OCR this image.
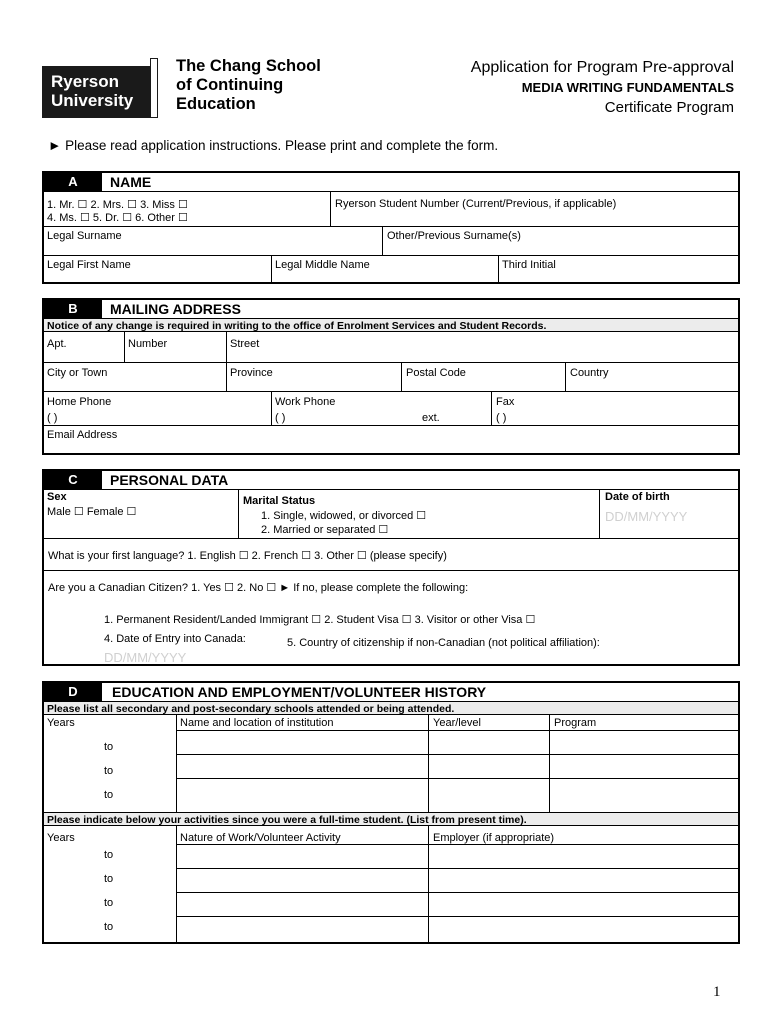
Ryerson
University
The Chang School
of Continuing
Education
Application for Program Pre-approval
MEDIA WRITING FUNDAMENTALS
Certificate Program
► Please read application instructions. Please print and complete the form.
A	NAME
1. Mr. ☐ 2. Mrs. ☐ 3. Miss ☐
4. Ms. ☐ 5. Dr. ☐ 6. Other ☐
Ryerson Student Number (Current/Previous, if applicable)
Legal Surname	Other/Previous Surname(s)
Legal First Name	Legal Middle Name	Third Initial
B	MAILING ADDRESS
Notice of any change is required in writing to the office of Enrolment Services and Student Records.
Apt.	Number	Street
City or Town	Province	Postal Code	Country
Home Phone
( )
Work Phone
( )	ext.
Fax
( )
Email Address
C	PERSONAL DATA
Sex
Male ☐ Female ☐
Marital Status
1. Single, widowed, or divorced ☐
2. Married or separated ☐
Date of birth
DD/MM/YYYY
What is your first language? 1. English ☐ 2. French ☐ 3. Other ☐ (please specify)
Are you a Canadian Citizen? 1. Yes ☐ 2. No ☐ ► If no, please complete the following:
1. Permanent Resident/Landed Immigrant ☐ 2. Student Visa ☐ 3. Visitor or other Visa ☐
4. Date of Entry into Canada:	5. Country of citizenship if non-Canadian (not political affiliation):
DD/MM/YYYY
D	EDUCATION AND EMPLOYMENT/VOLUNTEER HISTORY
Please list all secondary and post-secondary schools attended or being attended.
Years	Name and location of institution	Year/level	Program
to
to
to
Please indicate below your activities since you were a full-time student. (List from present time).
Years	Nature of Work/Volunteer Activity	Employer (if appropriate)
to
to
to
to
1
